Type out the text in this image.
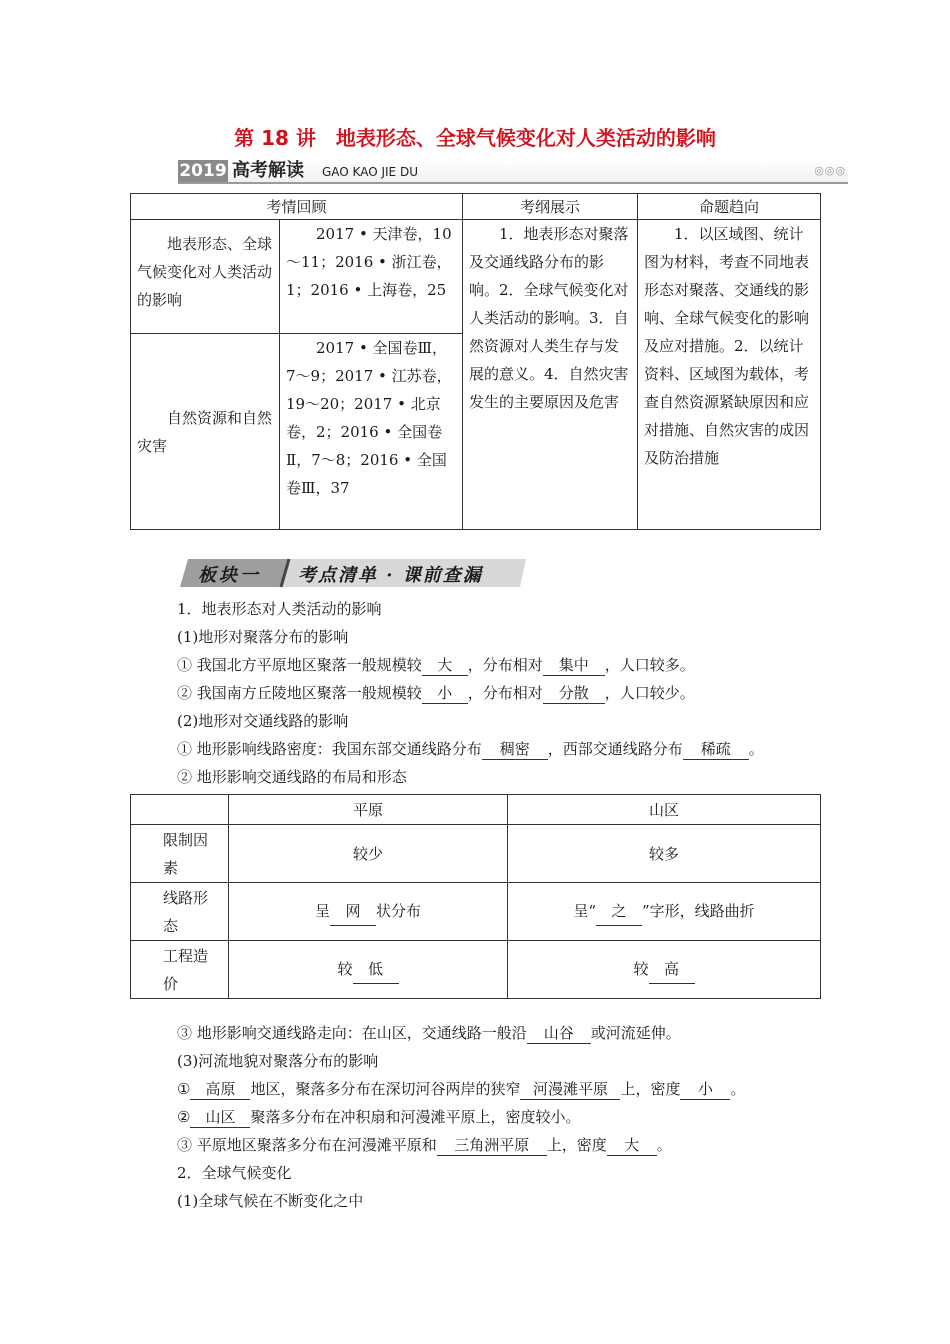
第 18 讲　地表形态、全球气候变化对人类活动的影响
2019 高考解读 GAO KAO JIE DU	◎◎◎
考情回顾		考纲展示	命题趋向
地表形态、全球气候变化对人类活动的影响	2017 • 天津卷，10～11；2016 • 浙江卷，1；2016 • 上海卷，25	1．地表形态对聚落及交通线路分布的影响。2．全球气候变化对人类活动的影响。3．自然资源对人类生存与发展的意义。4．自然灾害发生的主要原因及危害	1．以区域图、统计图为材料，考查不同地表形态对聚落、交通线的影响、全球气候变化的影响及应对措施。2．以统计资料、区域图为载体，考查自然资源紧缺原因和应对措施、自然灾害的成因及防治措施
自然资源和自然灾害	2017 • 全国卷Ⅲ，7～9；2017 • 江苏卷，19～20；2017 • 北京卷，2；2016 • 全国卷Ⅱ，7～8；2016 • 全国卷Ⅲ，37		
板块一 考点清单 · 课前查漏
1．地表形态对人类活动的影响
(1)地形对聚落分布的影响
① 我国北方平原地区聚落一般规模较 大 ，分布相对 集中 ，人口较多。
② 我国南方丘陵地区聚落一般规模较 小 ，分布相对 分散 ，人口较少。
(2)地形对交通线路的影响
① 地形影响线路密度：我国东部交通线路分布 稠密 ，西部交通线路分布 稀疏 。
② 地形影响交通线路的布局和形态
	平原	山区
限制因素	较少	较多
线路形态	呈 网 状分布	呈“ 之 ”字形，线路曲折
工程造价	较 低	较 高
③ 地形影响交通线路走向：在山区，交通线路一般沿 山谷 或河流延伸。
(3)河流地貌对聚落分布的影响
① 高原 地区，聚落多分布在深切河谷两岸的狭窄 河漫滩平原 上，密度 小 。
② 山区 聚落多分布在冲积扇和河漫滩平原上，密度较小。
③ 平原地区聚落多分布在河漫滩平原和 三角洲平原 上，密度 大 。
2．全球气候变化
(1)全球气候在不断变化之中
